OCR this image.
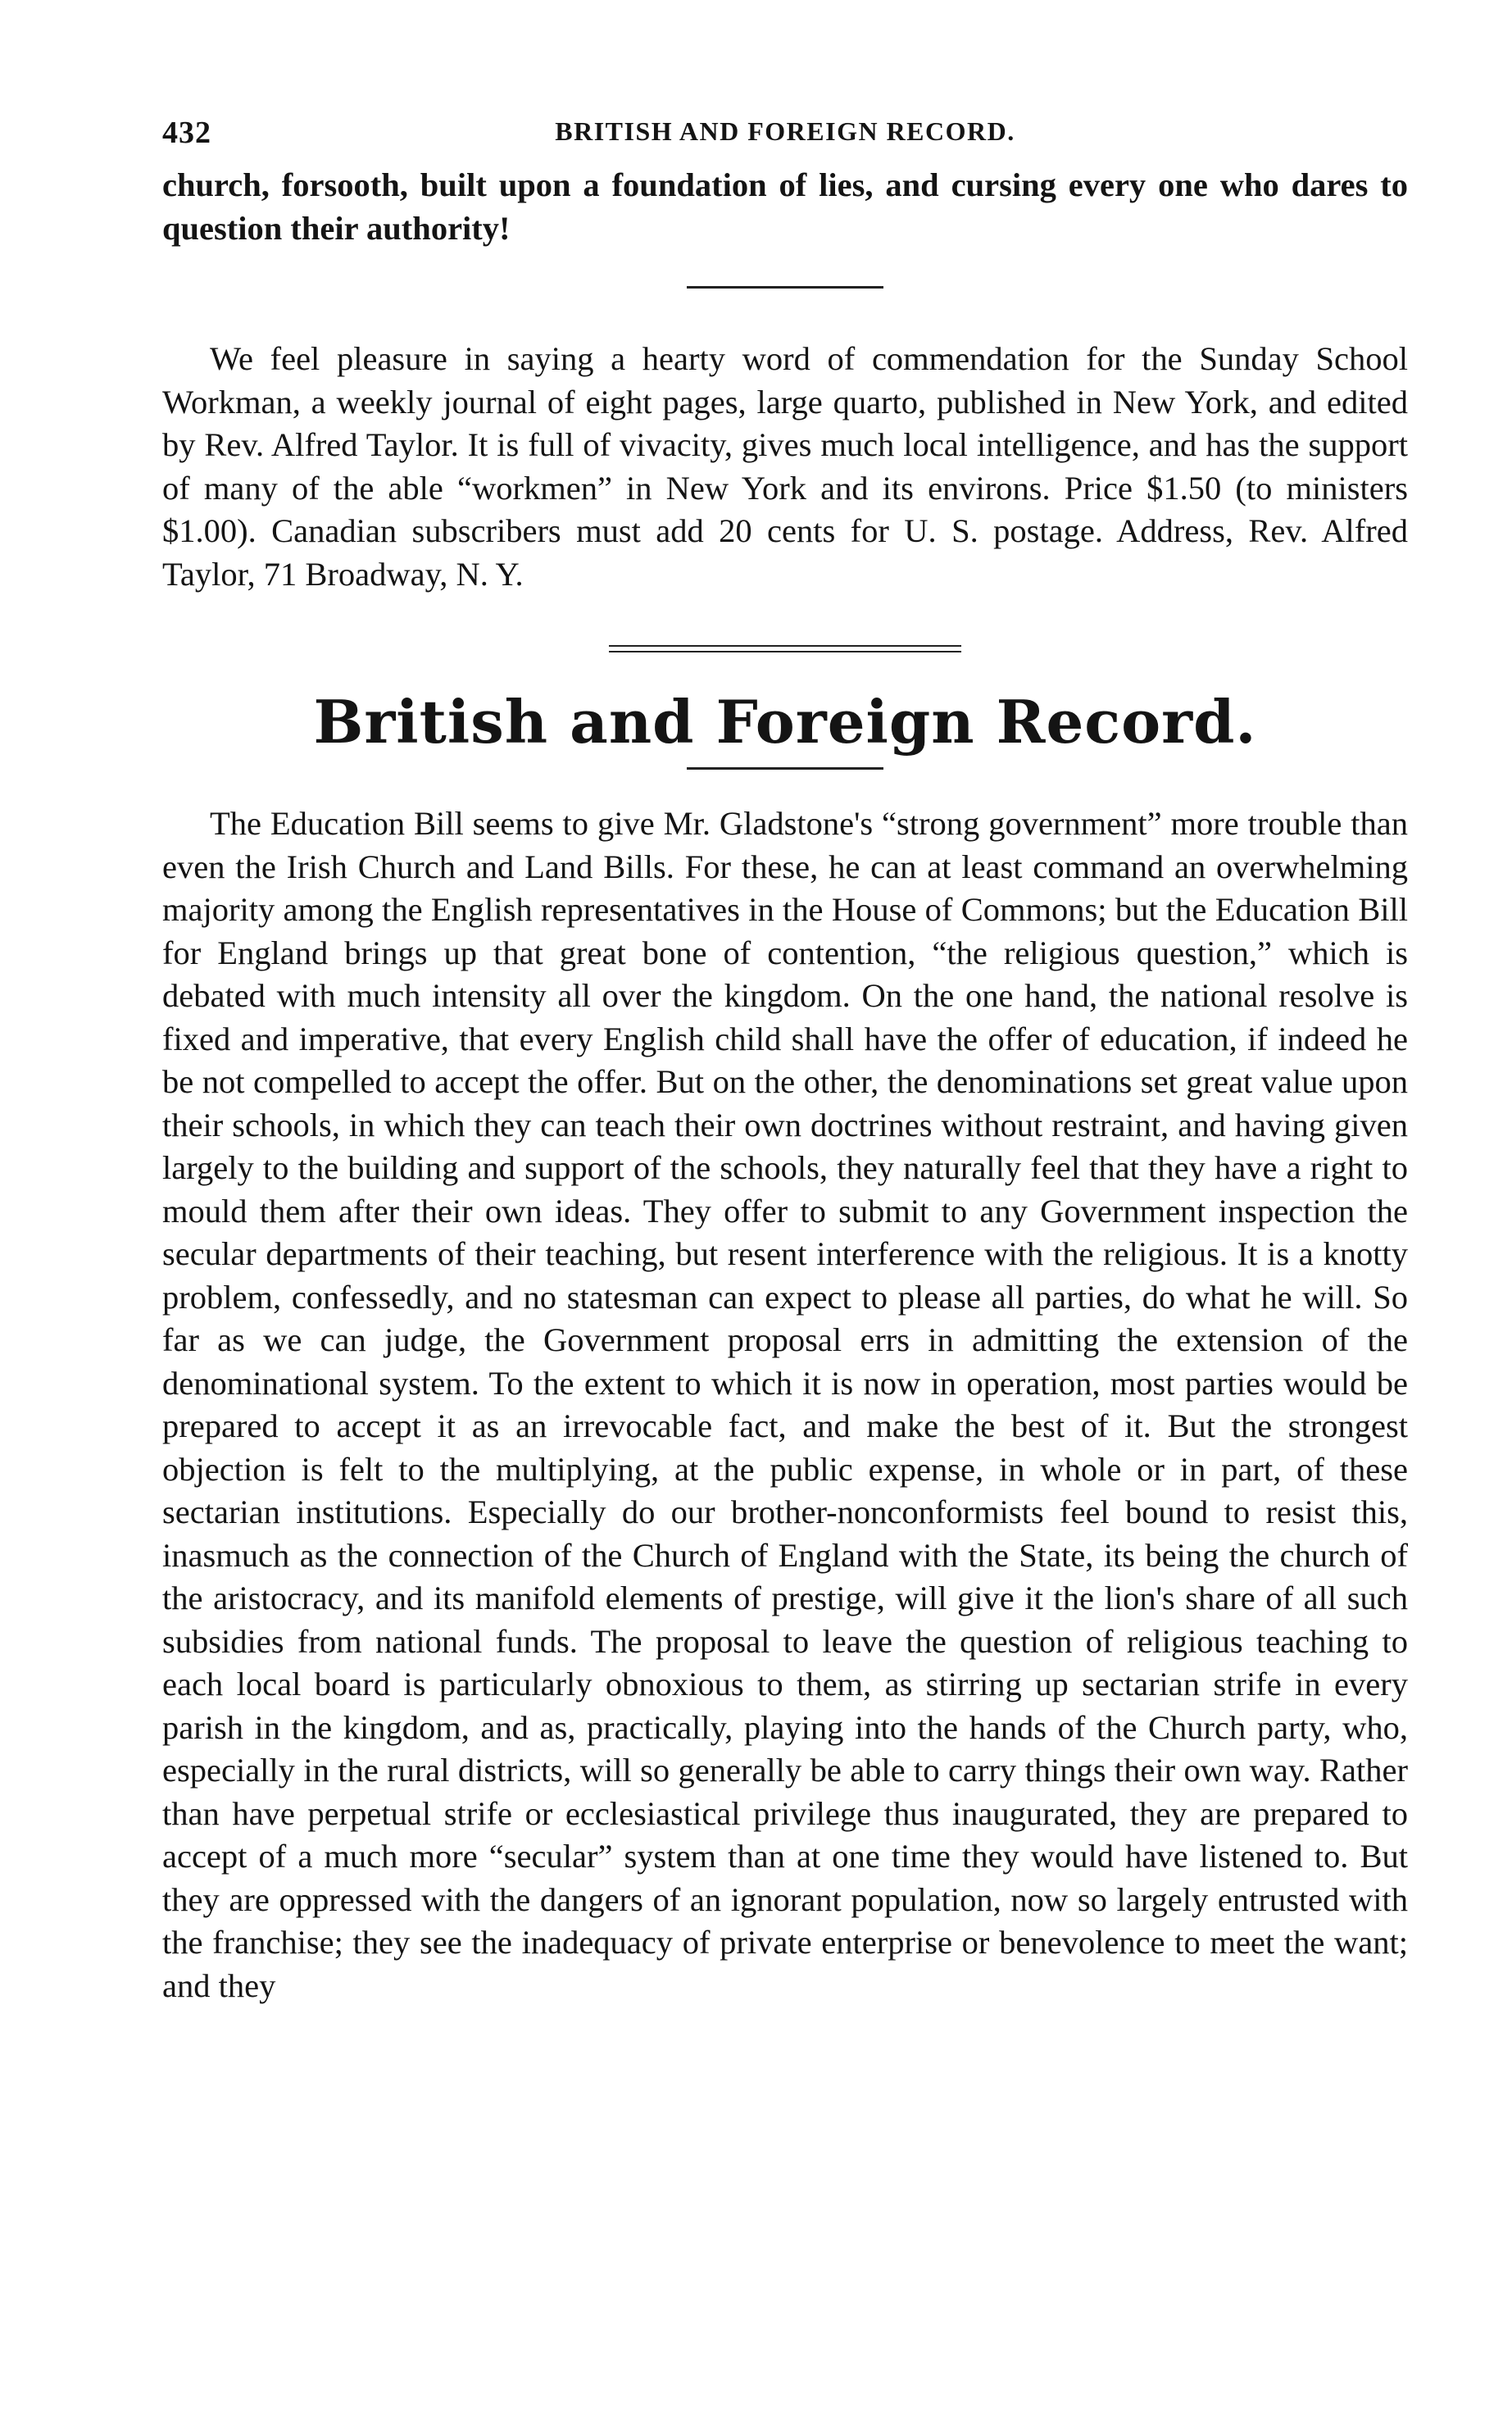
432	BRITISH AND FOREIGN RECORD.

church, forsooth, built upon a foundation of lies, and cursing every one who dares to question their authority!

We feel pleasure in saying a hearty word of commendation for the Sunday School Workman, a weekly journal of eight pages, large quarto, published in New York, and edited by Rev. Alfred Taylor. It is full of vivacity, gives much local intelligence, and has the support of many of the able “workmen” in New York and its environs. Price $1.50 (to ministers $1.00). Canadian subscribers must add 20 cents for U. S. postage. Address, Rev. Alfred Taylor, 71 Broadway, N. Y.

British and Foreign Record.

The Education Bill seems to give Mr. Gladstone's “strong government” more trouble than even the Irish Church and Land Bills. For these, he can at least command an overwhelming majority among the English representatives in the House of Commons; but the Education Bill for England brings up that great bone of contention, “the religious question,” which is debated with much intensity all over the kingdom. On the one hand, the national resolve is fixed and imperative, that every English child shall have the offer of education, if indeed he be not compelled to accept the offer. But on the other, the denominations set great value upon their schools, in which they can teach their own doctrines without restraint, and having given largely to the building and support of the schools, they naturally feel that they have a right to mould them after their own ideas. They offer to submit to any Government inspection the secular departments of their teaching, but resent interference with the religious. It is a knotty problem, confessedly, and no statesman can expect to please all parties, do what he will. So far as we can judge, the Government proposal errs in admitting the extension of the denominational system. To the extent to which it is now in operation, most parties would be prepared to accept it as an irrevocable fact, and make the best of it. But the strongest objection is felt to the multiplying, at the public expense, in whole or in part, of these sectarian institutions. Especially do our brother-nonconformists feel bound to resist this, inasmuch as the connection of the Church of England with the State, its being the church of the aristocracy, and its manifold elements of prestige, will give it the lion's share of all such subsidies from national funds. The proposal to leave the question of religious teaching to each local board is particularly obnoxious to them, as stirring up sectarian strife in every parish in the kingdom, and as, practically, playing into the hands of the Church party, who, especially in the rural districts, will so generally be able to carry things their own way. Rather than have perpetual strife or ecclesiastical privilege thus inaugurated, they are prepared to accept of a much more “secular” system than at one time they would have listened to. But they are oppressed with the dangers of an ignorant population, now so largely entrusted with the franchise; they see the inadequacy of private enterprise or benevolence to meet the want; and they
